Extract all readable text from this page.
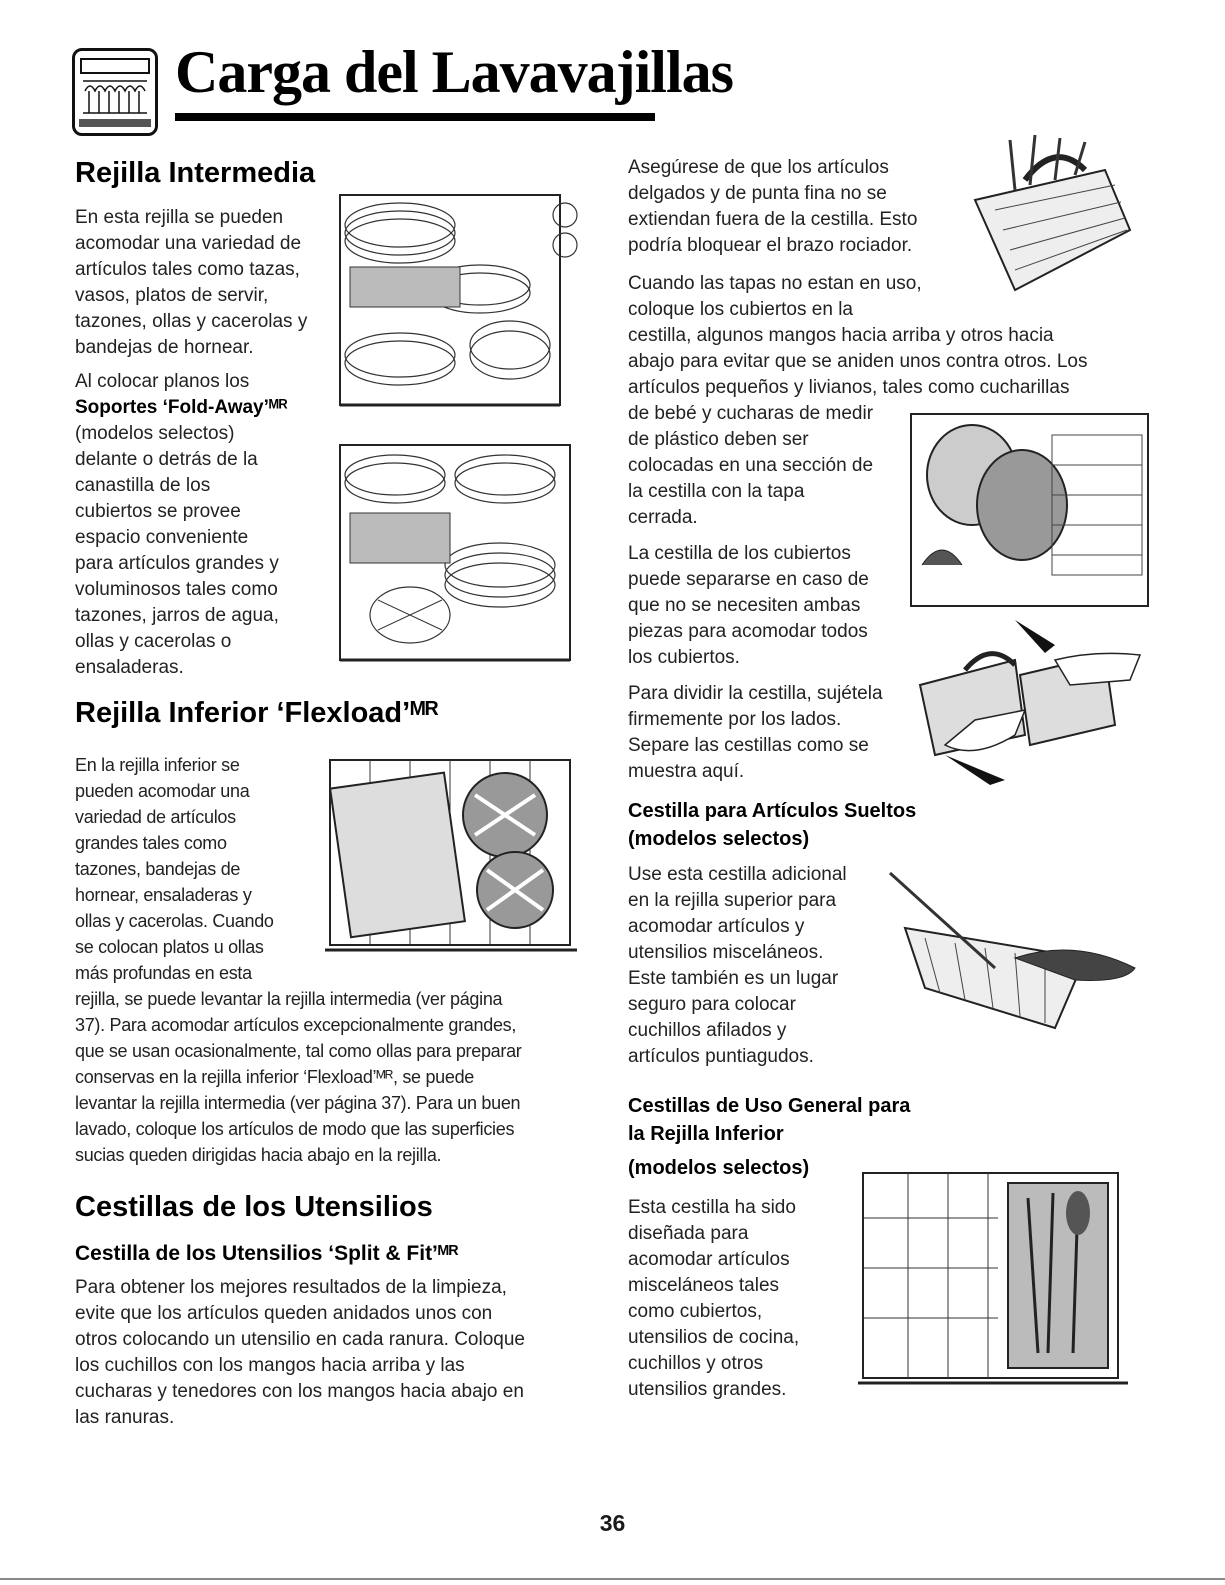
Carga del Lavavajillas
Rejilla Intermedia

En esta rejilla se pueden

acomodar una variedad de

artículos tales como tazas,

vasos, platos de servir,

tazones, ollas y cacerolas y

bandejas de hornear.

Al colocar planos los

Soportes ‘Fold-Away’ᴹᴿ

(modelos selectos)

delante o detrás de la

canastilla de los

cubiertos se provee

espacio conveniente

para artículos grandes y

voluminosos tales como

tazones, jarros de agua,

ollas y cacerolas o

ensaladeras.

Rejilla Inferior ‘Flexload’ᴹᴿ

En la rejilla inferior se

pueden acomodar una

variedad de artículos

grandes tales como

tazones, bandejas de

hornear, ensaladeras y

ollas y cacerolas. Cuando

se colocan platos u ollas

más profundas en esta

rejilla, se puede levantar la rejilla intermedia (ver página

37). Para acomodar artículos excepcionalmente grandes,

que se usan ocasionalmente, tal como ollas para preparar

conservas en la rejilla inferior ‘Flexload’ᴹᴿ, se puede

levantar la rejilla intermedia (ver página 37). Para un buen

lavado, coloque los artículos de modo que las superficies

sucias queden dirigidas hacia abajo en la rejilla.

Cestillas de los Utensilios
Cestilla de los Utensilios ‘Split & Fit’ᴹᴿ

Para obtener los mejores resultados de la limpieza,

evite que los artículos queden anidados unos con

otros colocando un utensilio en cada ranura. Coloque

los cuchillos con los mangos hacia arriba y las

cucharas y tenedores con los mangos hacia abajo en

las ranuras.

Asegúrese de que los artículos

delgados y de punta fina no se

extiendan fuera de la cestilla. Esto

podría bloquear el brazo rociador.

Cuando las tapas no estan en uso,

coloque los cubiertos en la

cestilla, algunos mangos hacia arriba y otros hacia

abajo para evitar que se aniden unos contra otros. Los

artículos pequeños y livianos, tales como cucharillas

de bebé y cucharas de medir

de plástico deben ser

colocadas en una sección de

la cestilla con la tapa

cerrada.

La cestilla de los cubiertos

puede separarse en caso de

que no se necesiten ambas

piezas para acomodar todos

los cubiertos.

Para dividir la cestilla, sujétela

firmemente por los lados.

Separe las cestillas como se

muestra aquí.

Cestilla para Artículos Sueltos
(modelos selectos)

Use esta cestilla adicional

en la rejilla superior para

acomodar artículos y

utensilios misceláneos.

Este también es un lugar

seguro para colocar

cuchillos afilados y

artículos puntiagudos.

Cestillas de Uso General para
la Rejilla Inferior
(modelos selectos)

Esta cestilla ha sido

diseñada para

acomodar artículos

misceláneos tales

como cubiertos,

utensilios de cocina,

cuchillos y otros

utensilios grandes.

36
